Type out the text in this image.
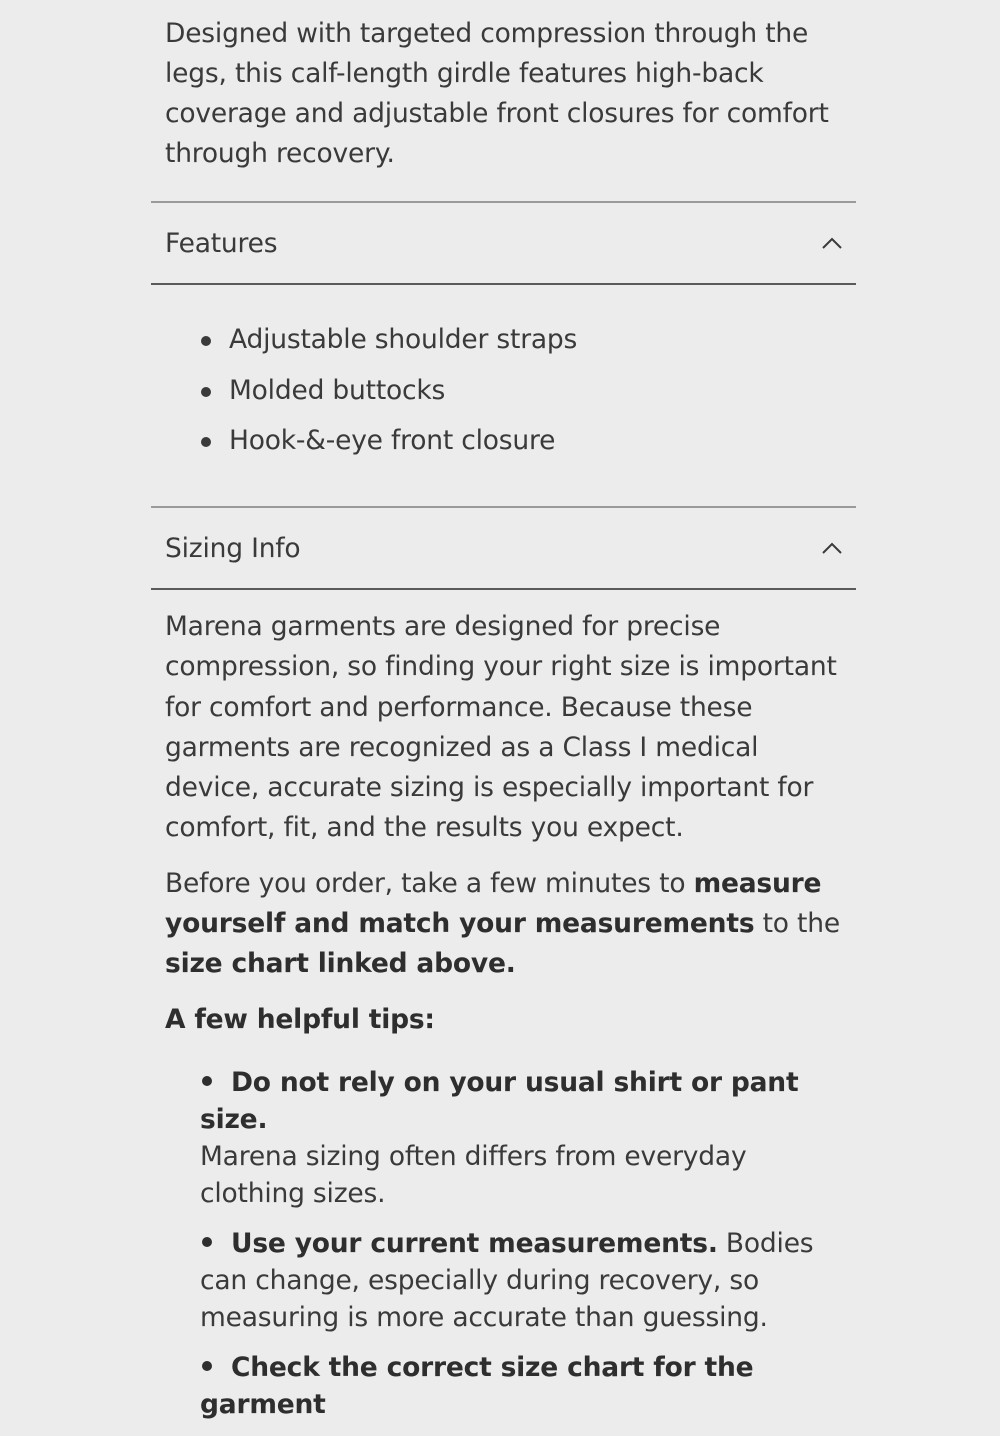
Designed with targeted compression through the legs, this calf-length girdle features high-back coverage and adjustable front closures for comfort through recovery.
Features
Adjustable shoulder straps
Molded buttocks
Hook-&-eye front closure
Sizing Info

Marena garments are designed for precise compression, so finding your right size is important for comfort and performance. Because these garments are recognized as a Class I medical device, accurate sizing is especially important for comfort, fit, and the results you expect.

Before you order, take a few minutes to measure yourself and match your measurements to the size chart linked above.

A few helpful tips:

Do not rely on your usual shirt or pant size.
Marena sizing often differs from everyday clothing sizes.
Use your current measurements. Bodies can change, especially during recovery, so measuring is more accurate than guessing.
Check the correct size chart for the garment
